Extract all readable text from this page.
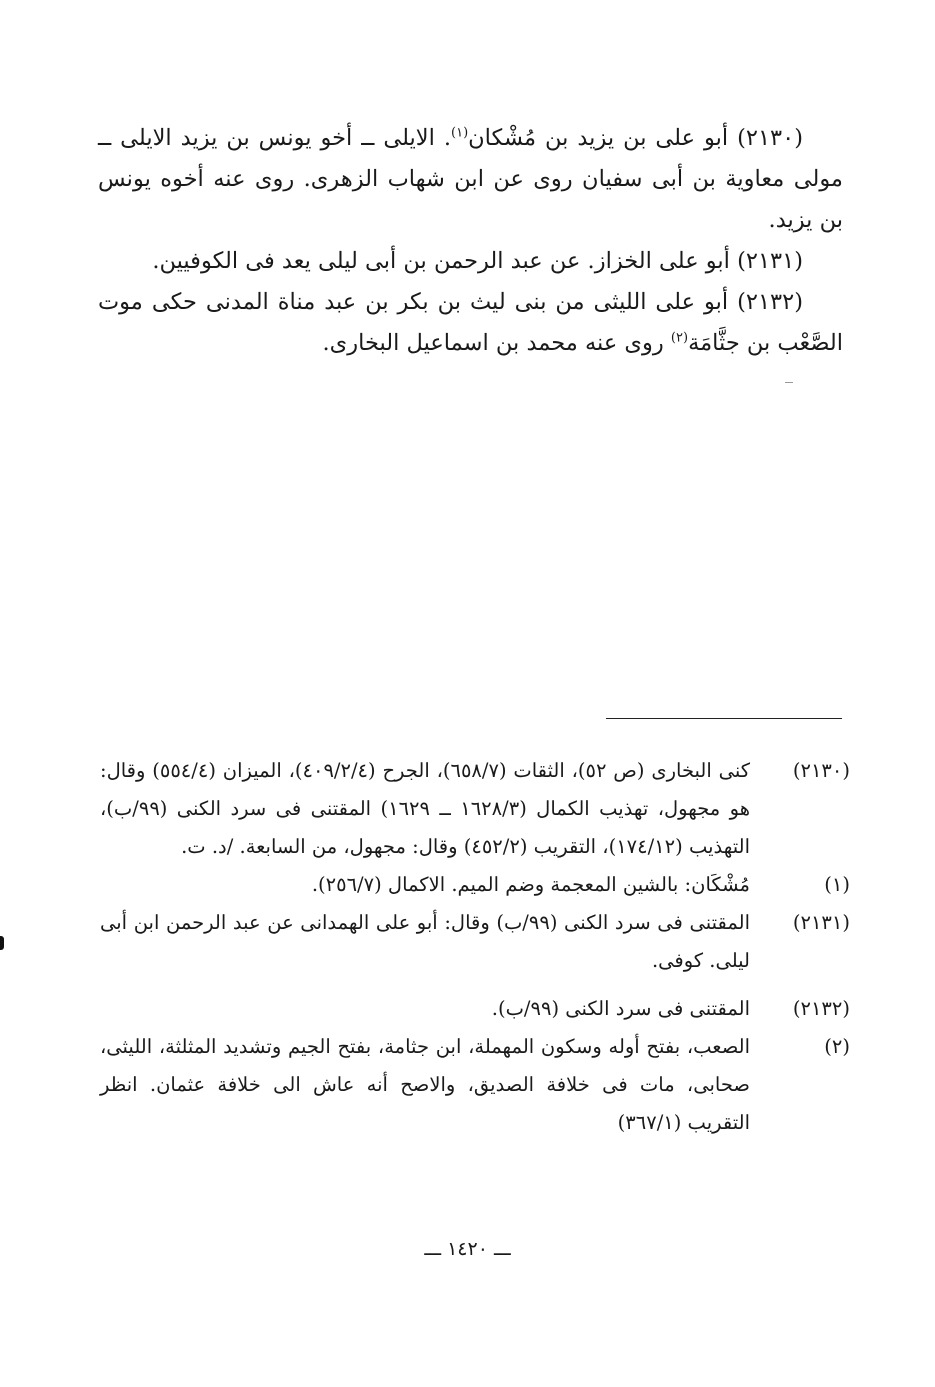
(٢١٣٠) أبو على بن يزيد بن مُشْكان$^{(١)}$. الايلى ــ أخو يونس بن يزيد الايلى ــ مولى معاوية بن أبى سفيان روى عن ابن شهاب الزهرى. روى عنه أخوه يونس بن يزيد.

(٢١٣١) أبو على الخزاز. عن عبد الرحمن بن أبى ليلى يعد فى الكوفيين.

(٢١٣٢) أبو على الليثى من بنى ليث بن بكر بن عبد مناة المدنى حكى موت الصَّعْب بن جثَّامَة$^{(٢)}$ روى عنه محمد بن اسماعيل البخارى.

(٢١٣٠)
كنى البخارى (ص ٥٢)، الثقات (٦٥٨/٧)، الجرح (٤٠٩/٢/٤)، الميزان (٥٥٤/٤) وقال: هو مجهول، تهذيب الكمال (١٦٢٨/٣ ــ ١٦٢٩) المقتنى فى سرد الكنى (٩٩/ب)، التهذيب (١٧٤/١٢)، التقريب (٤٥٢/٢) وقال: مجهول، من السابعة. /د. ت.
(١)
مُشْكَان: بالشين المعجمة وضم الميم. الاكمال (٢٥٦/٧).
(٢١٣١)
المقتنى فى سرد الكنى (٩٩/ب) وقال: أبو على الهمدانى عن عبد الرحمن ابن أبى ليلى. كوفى.
(٢١٣٢)
المقتنى فى سرد الكنى (٩٩/ب).
(٢)
الصعب، بفتح أوله وسكون المهملة، ابن جثامة، بفتح الجيم وتشديد المثلثة، الليثى، صحابى، مات فى خلافة الصديق، والاصح أنه عاش الى خلافة عثمان. انظر التقريب (٣٦٧/١)
ـــ ١٤٢٠ ـــ
